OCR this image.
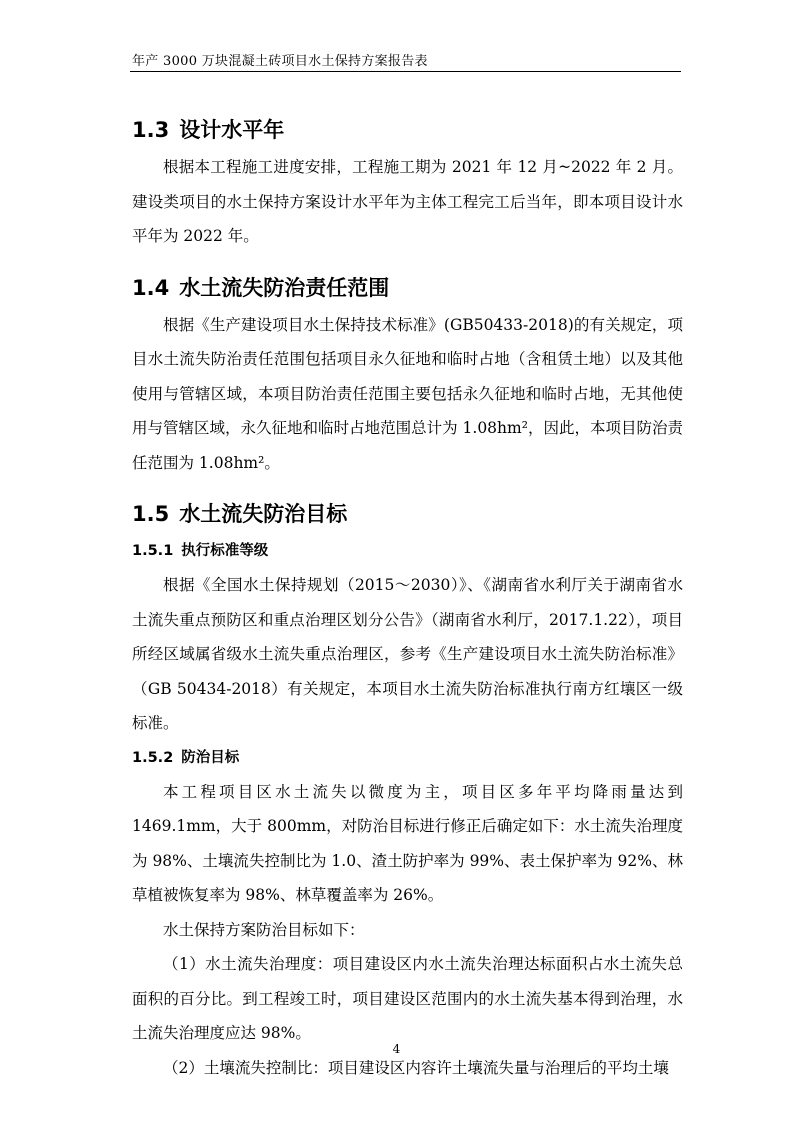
年产 3000 万块混凝土砖项目水土保持方案报告表
1.3 设计水平年

根据本工程施工进度安排，工程施工期为 2021 年 12 月~2022 年 2 月。建设类项目的水土保持方案设计水平年为主体工程完工后当年，即本项目设计水平年为 2022 年。

1.4 水土流失防治责任范围

根据《生产建设项目水土保持技术标准》(GB50433-2018)的有关规定，项目水土流失防治责任范围包括项目永久征地和临时占地（含租赁土地）以及其他使用与管辖区域，本项目防治责任范围主要包括永久征地和临时占地，无其他使用与管辖区域，永久征地和临时占地范围总计为 1.08hm²，因此，本项目防治责任范围为 1.08hm²。

1.5 水土流失防治目标
1.5.1 执行标准等级

根据《全国水土保持规划（2015～2030）》、《湖南省水利厅关于湖南省水土流失重点预防区和重点治理区划分公告》（湖南省水利厅，2017.1.22），项目所经区域属省级水土流失重点治理区，参考《生产建设项目水土流失防治标准》（GB 50434-2018）有关规定，本项目水土流失防治标准执行南方红壤区一级标准。

1.5.2 防治目标

本工程项目区水土流失以微度为主，项目区多年平均降雨量达到 1469.1mm，大于 800mm，对防治目标进行修正后确定如下：水土流失治理度为 98%、土壤流失控制比为 1.0、渣土防护率为 99%、表土保护率为 92%、林草植被恢复率为 98%、林草覆盖率为 26%。

水土保持方案防治目标如下：

（1）水土流失治理度：项目建设区内水土流失治理达标面积占水土流失总面积的百分比。到工程竣工时，项目建设区范围内的水土流失基本得到治理，水土流失治理度应达 98%。

（2）土壤流失控制比：项目建设区内容许土壤流失量与治理后的平均土壤

4
